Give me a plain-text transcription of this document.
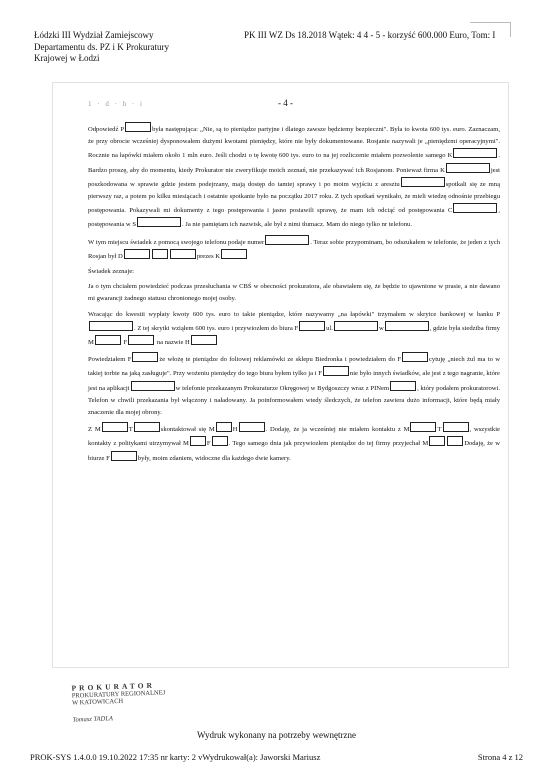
Łódzki III Wydział Zamiejscowy
Departamentu ds. PZ i K Prokuratury
Krajowej w Łodzi
PK III WZ Ds 18.2018 Wątek: 4 4 - 5 - korzyść 600.000 Euro, Tom: I
1 · d · h · i	- 4 -

Odpowiedź P	była następująca: „Nie, są to pieniądze partyjne i dlatego zawsze będziemy bezpieczni". Była to kwota 600 tys. euro. Zaznaczam, że przy obrocie wcześniej dysponowałem dużymi kwotami pieniędzy, które nie były dokumentowane. Rosjanie nazywali je „pieniędzmi operacyjnymi". Rocznie na łapówki miałem około 1 mln euro. Jeśli chodzi o tę kwotę 600 tys. euro to na jej rozliczenie miałem pozwolenie samego K	. Bardzo proszę, aby do momentu, kiedy Prokurator nie zweryfikuje moich zeznań, nie przekazywać ich Rosjanom. Ponieważ firma K	jest poszkodowana w sprawie gdzie jestem podejrzany, mają dostęp do tamtej sprawy i po moim wyjściu z aresztu	spotkali się ze mną pierwszy raz, a potem po kilku miesiącach i ostatnie spotkanie było na początku 2017 roku. Z tych spotkań wynikało, że mieli wiedzę odnośnie przebiegu postępowania. Pokazywali mi dokumenty z tego postępowania i jasno postawili sprawę, że mam ich odciąć od postępowania C	, postępowania w S	. Ja nie pamiętam ich nazwisk, ale był z nimi tłumacz. Mam do niego tylko nr telefonu.

W tym miejscu świadek z pomocą swojego telefonu podaje numer	. Teraz sobie przypominam, bo odszukałem w telefonie, że jeden z tych Rosjan był D	prezes K

Świadek zeznaje:

Ja o tym chciałem powiedzieć podczas przesłuchania w CBŚ w obecności prokuratora, ale obawiałem się, że będzie to ujawnione w prasie, a nie dawano mi gwarancji żadnego statusu chronionego mojej osoby.

Wracając do kwestii wypłaty kwoty 600 tys. euro to takie pieniądze, które nazywamy „na łapówki" trzymałem w skrytce bankowej w banku P. Z tej skrytki wziąłem 600 tys. euro i przywiozłem do biura F	ul.	w	, gdzie była siedziba firmy M	F	na nazwie H

Powiedziałem F	że włożę te pieniądze do foliowej reklamówki ze sklepu Biedronka i powiedziałem do F	cytuję „niech żul ma to w takiej torbie na jaką zasługuje". Przy wożeniu pieniędzy do tego biura byłem tylko ja i F	nie było innych świadków, ale jest z tego nagranie, które jest na aplikacji	w telefonie przekazanym Prokuraturze Okręgowej w Bydgoszczy wraz z PINem	, który podałem prokuratorowi. Telefon w chwili przekazania był włączony i naładowany. Ja poinformowałem wtedy śledczych, że telefon zawiera dużo informacji, które będą miały znaczenie dla mojej obrony.

Z M	T	skontaktował się M	H	. Dodaję, że ja wcześniej nie miałem kontaktu z M	T	, wszystkie kontakty z politykami utrzymywał M	F	. Tego samego dnia jak przywiozłem pieniądze do tej firmy przyjechał M	Dodaję, że w biurze F	były, moim zdaniem, widoczne dla każdego dwie kamery.

PROKURATOR
PROKURATURY REGIONALNEJ
W KATOWICACH
Tomasz TADLA
Wydruk wykonany na potrzeby wewnętrzne
PROK-SYS 1.4.0.0 19.10.2022 17:35 nr karty: 2 vWydrukował(a): Jaworski Mariusz	Strona 4 z 12
